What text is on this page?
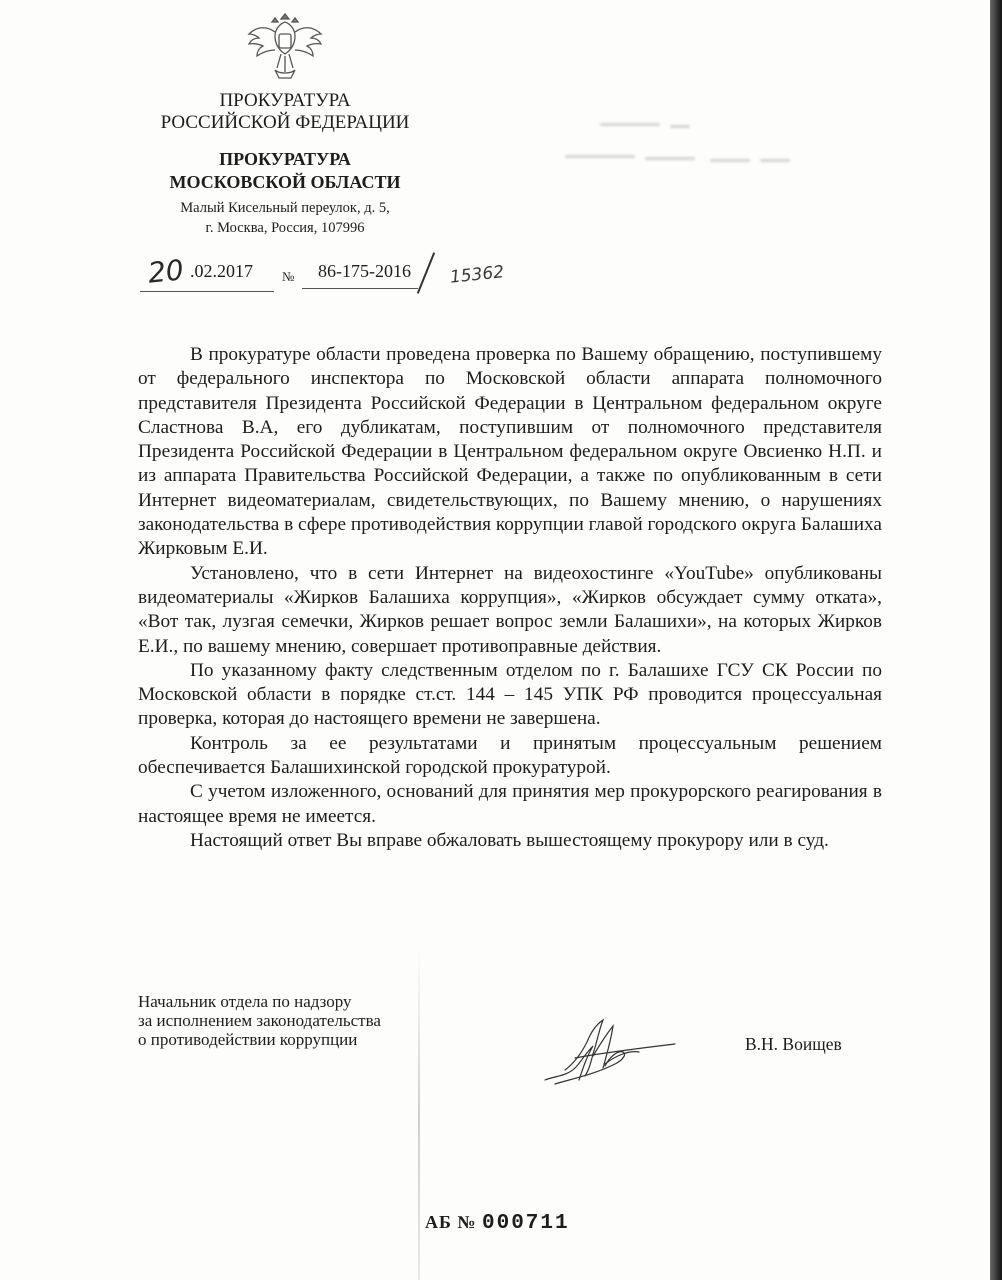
ПРОКУРАТУРА
РОССИЙСКОЙ ФЕДЕРАЦИИ
ПРОКУРАТУРА
МОСКОВСКОЙ ОБЛАСТИ
Малый Кисельный переулок, д. 5,
г. Москва, Россия, 107996
20 .02.2017 № 86-175-2016 15362

В прокуратуре области проведена проверка по Вашему обращению, поступившему от федерального инспектора по Московской области аппарата полномочного представителя Президента Российской Федерации в Центральном федеральном округе Сластнова В.А, его дубликатам, поступившим от полномочного представителя Президента Российской Федерации в Центральном федеральном округе Овсиенко Н.П. и из аппарата Правительства Российской Федерации, а также по опубликованным в сети Интернет видеоматериалам, свидетельствующих, по Вашему мнению, о нарушениях законодательства в сфере противодействия коррупции главой городского округа Балашиха Жирковым Е.И.

Установлено, что в сети Интернет на видеохостинге «YouTube» опубликованы видеоматериалы «Жирков Балашиха коррупция», «Жирков обсуждает сумму отката», «Вот так, лузгая семечки, Жирков решает вопрос земли Балашихи», на которых Жирков Е.И., по вашему мнению, совершает противоправные действия.

По указанному факту следственным отделом по г. Балашихе ГСУ СК России по Московской области в порядке ст.ст. 144 – 145 УПК РФ проводится процессуальная проверка, которая до настоящего времени не завершена.

Контроль за ее результатами и принятым процессуальным решением обеспечивается Балашихинской городской прокуратурой.

С учетом изложенного, оснований для принятия мер прокурорского реагирования в настоящее время не имеется.

Настоящий ответ Вы вправе обжаловать вышестоящему прокурору или в суд.

Начальник отдела по надзору
за исполнением законодательства
о противодействии коррупции	В.Н. Воищев
АБ № 000711
